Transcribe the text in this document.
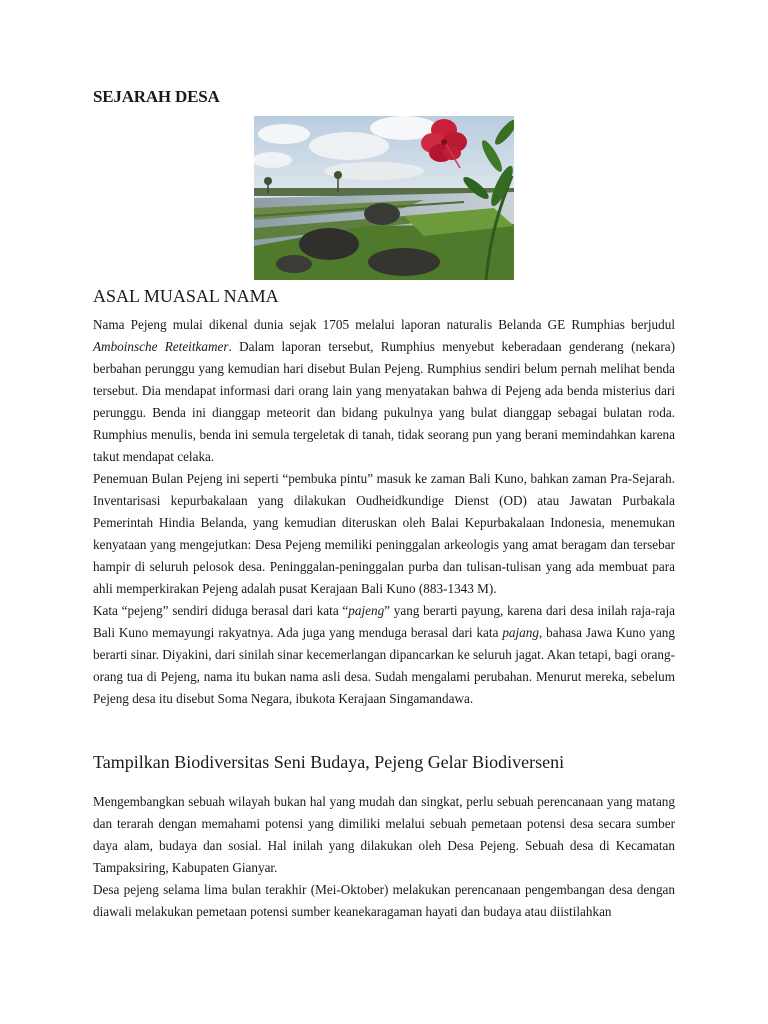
SEJARAH DESA
ASAL MUASAL NAMA

Nama Pejeng mulai dikenal dunia sejak 1705 melalui laporan naturalis Belanda GE Rumphias berjudul Amboinsche Reteitkamer. Dalam laporan tersebut, Rumphius menyebut keberadaan genderang (nekara) berbahan perunggu yang kemudian hari disebut Bulan Pejeng. Rumphius sendiri belum pernah melihat benda tersebut. Dia mendapat informasi dari orang lain yang menyatakan bahwa di Pejeng ada benda misterius dari perunggu. Benda ini dianggap meteorit dan bidang pukulnya yang bulat dianggap sebagai bulatan roda. Rumphius menulis, benda ini semula tergeletak di tanah, tidak seorang pun yang berani memindahkan karena takut mendapat celaka.

Penemuan Bulan Pejeng ini seperti “pembuka pintu” masuk ke zaman Bali Kuno, bahkan zaman Pra-Sejarah. Inventarisasi kepurbakalaan yang dilakukan Oudheidkundige Dienst (OD) atau Jawatan Purbakala Pemerintah Hindia Belanda, yang kemudian diteruskan oleh Balai Kepurbakalaan Indonesia, menemukan kenyataan yang mengejutkan: Desa Pejeng memiliki peninggalan arkeologis yang amat beragam dan tersebar hampir di seluruh pelosok desa. Peninggalan-peninggalan purba dan tulisan-tulisan yang ada membuat para ahli memperkirakan Pejeng adalah pusat Kerajaan Bali Kuno (883-1343 M).

Kata “pejeng” sendiri diduga berasal dari kata “pajeng” yang berarti payung, karena dari desa inilah raja-raja Bali Kuno memayungi rakyatnya. Ada juga yang menduga berasal dari kata pajang, bahasa Jawa Kuno yang berarti sinar. Diyakini, dari sinilah sinar kecemerlangan dipancarkan ke seluruh jagat. Akan tetapi, bagi orang-orang tua di Pejeng, nama itu bukan nama asli desa. Sudah mengalami perubahan. Menurut mereka, sebelum Pejeng desa itu disebut Soma Negara, ibukota Kerajaan Singamandawa.

Tampilkan Biodiversitas Seni Budaya, Pejeng Gelar Biodiverseni

Mengembangkan sebuah wilayah bukan hal yang mudah dan singkat, perlu sebuah perencanaan yang matang dan terarah dengan memahami potensi yang dimiliki melalui sebuah pemetaan potensi desa secara sumber daya alam, budaya dan sosial. Hal inilah yang dilakukan oleh Desa Pejeng. Sebuah desa di Kecamatan Tampaksiring, Kabupaten Gianyar.

Desa pejeng selama lima bulan terakhir (Mei-Oktober) melakukan perencanaan pengembangan desa dengan diawali melakukan pemetaan potensi sumber keanekaragaman hayati dan budaya atau diistilahkan
